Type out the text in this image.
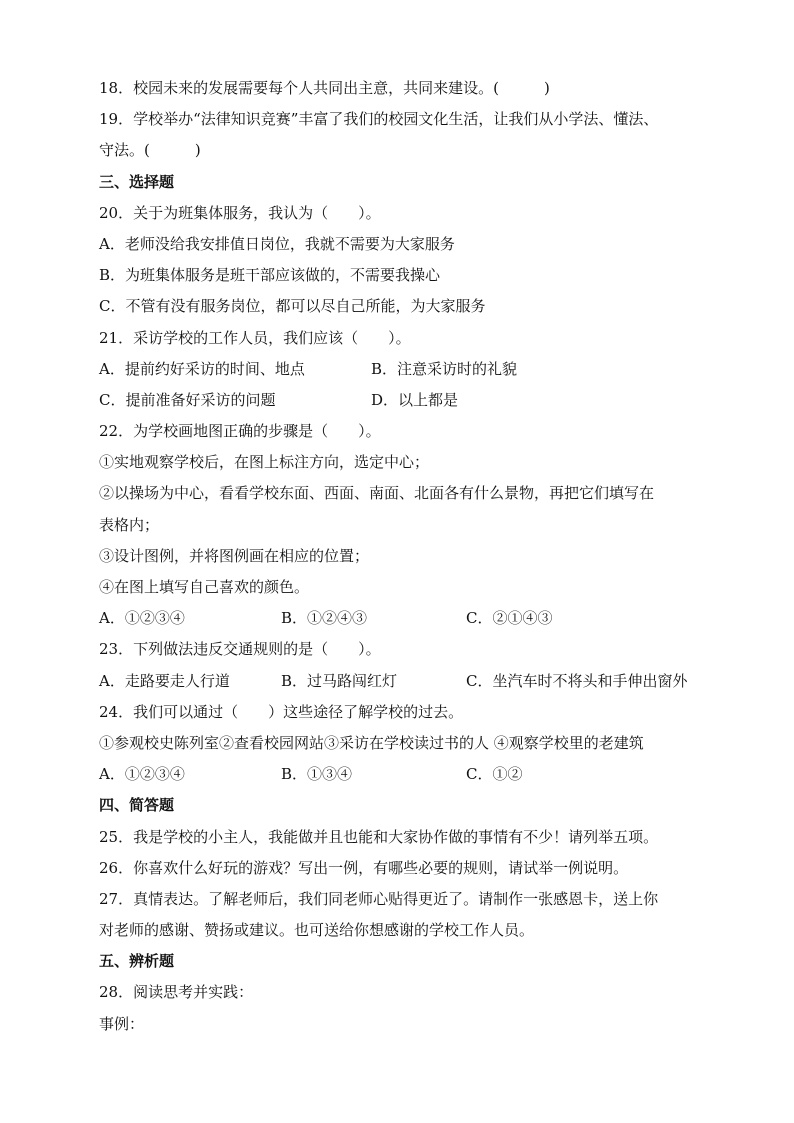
18．校园未来的发展需要每个人共同出主意，共同来建设。(　　　)
19．学校举办“法律知识竞赛”丰富了我们的校园文化生活，让我们从小学法、懂法、
守法。(　　　)
三、选择题
20．关于为班集体服务，我认为（　　）。
A．老师没给我安排值日岗位，我就不需要为大家服务
B．为班集体服务是班干部应该做的，不需要我操心
C．不管有没有服务岗位，都可以尽自己所能，为大家服务
21．采访学校的工作人员，我们应该（　　）。
A．提前约好采访的时间、地点	B．注意采访时的礼貌
C．提前准备好采访的问题	D．以上都是
22．为学校画地图正确的步骤是（　　）。
①实地观察学校后，在图上标注方向，选定中心；
②以操场为中心，看看学校东面、西面、南面、北面各有什么景物，再把它们填写在
表格内；
③设计图例，并将图例画在相应的位置；
④在图上填写自己喜欢的颜色。
A．①②③④	B．①②④③	C．②①④③
23．下列做法违反交通规则的是（　　）。
A．走路要走人行道	B．过马路闯红灯	C．坐汽车时不将头和手伸出窗外
24．我们可以通过（　　）这些途径了解学校的过去。
①参观校史陈列室②查看校园网站③采访在学校读过书的人 ④观察学校里的老建筑
A．①②③④	B．①③④	C．①②
四、简答题
25．我是学校的小主人，我能做并且也能和大家协作做的事情有不少！请列举五项。
26．你喜欢什么好玩的游戏？写出一例，有哪些必要的规则，请试举一例说明。
27．真情表达。了解老师后，我们同老师心贴得更近了。请制作一张感恩卡，送上你
对老师的感谢、赞扬或建议。也可送给你想感谢的学校工作人员。
五、辨析题
28．阅读思考并实践：
事例：
